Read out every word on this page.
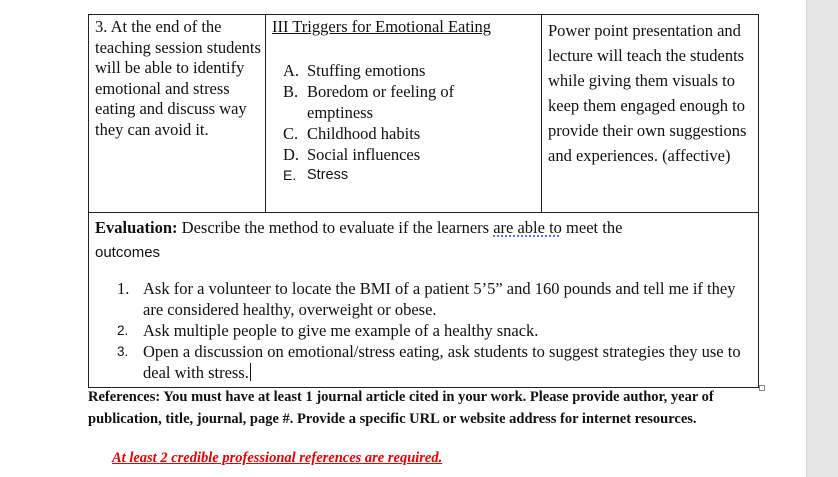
3. At the end of the teaching session students will be able to identify emotional and stress eating and discuss way they can avoid it.
III Triggers for Emotional Eating
A. Stuffing emotions
B. Boredom or feeling of emptiness
C. Childhood habits
D. Social influences
E. Stress
Power point presentation and lecture will teach the students while giving them visuals to keep them engaged enough to provide their own suggestions and experiences. (affective)
Evaluation: Describe the method to evaluate if the learners are able to meet the
outcomes
1. Ask for a volunteer to locate the BMI of a patient 5’5” and 160 pounds and tell me if they are considered healthy, overweight or obese.
2. Ask multiple people to give me example of a healthy snack.
3. Open a discussion on emotional/stress eating, ask students to suggest strategies they use to deal with stress.
References: You must have at least 1 journal article cited in your work. Please provide author, year of publication, title, journal, page #. Provide a specific URL or website address for internet resources.
At least 2 credible professional references are required.
